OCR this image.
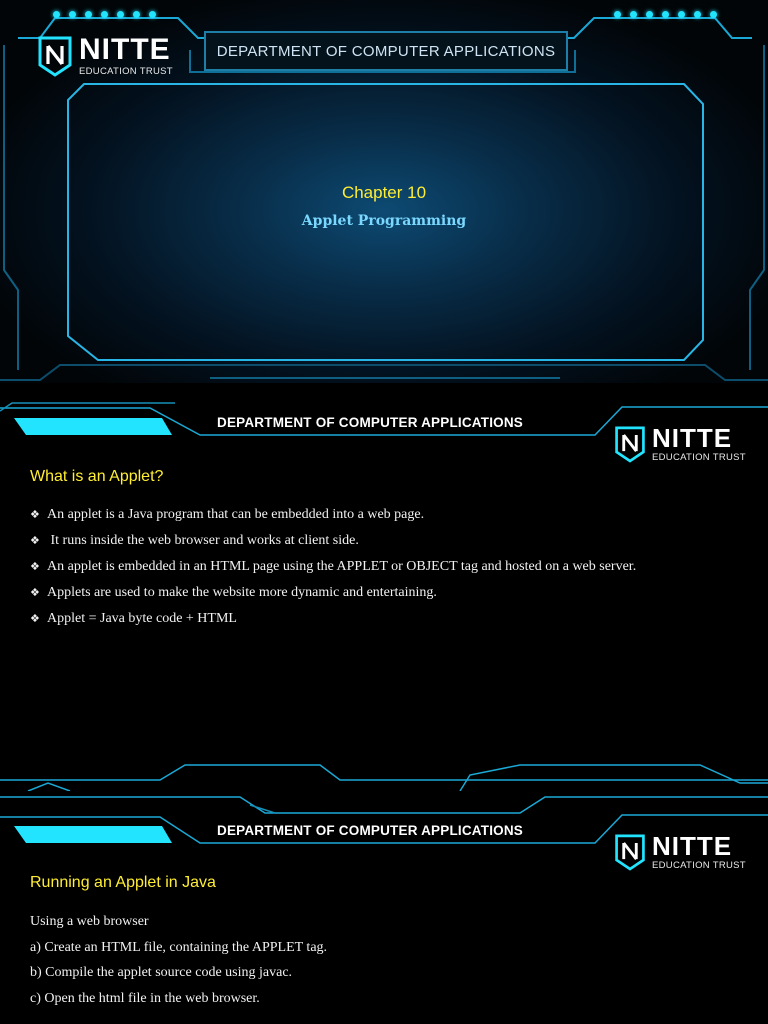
NITTE
EDUCATION TRUST
DEPARTMENT OF COMPUTER APPLICATIONS
Chapter 10
Applet Programming
DEPARTMENT OF COMPUTER APPLICATIONS
NITTE
EDUCATION TRUST
What is an Applet?
❖ An applet is a Java program that can be embedded into a web page.
❖ It runs inside the web browser and works at client side.
❖ An applet is embedded in an HTML page using the APPLET or OBJECT tag and hosted on a web server.
❖ Applets are used to make the website more dynamic and entertaining.
❖ Applet = Java byte code + HTML
DEPARTMENT OF COMPUTER APPLICATIONS
NITTE
EDUCATION TRUST
Running an Applet in Java
Using a web browser
a) Create an HTML file, containing the APPLET tag.
b) Compile the applet source code using javac.
c) Open the html file in the web browser.
